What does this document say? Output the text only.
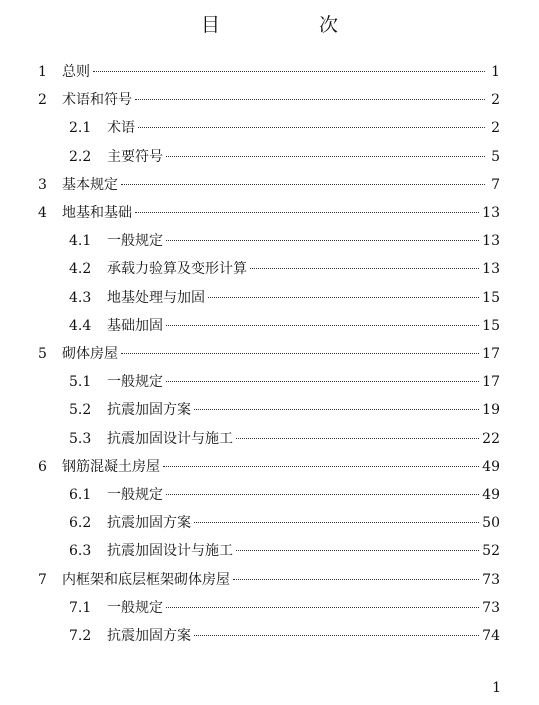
目　次
1	总则	1
2	术语和符号	2
2.1	术语	2
2.2	主要符号	5
3	基本规定	7
4	地基和基础	13
4.1	一般规定	13
4.2	承载力验算及变形计算	13
4.3	地基处理与加固	15
4.4	基础加固	15
5	砌体房屋	17
5.1	一般规定	17
5.2	抗震加固方案	19
5.3	抗震加固设计与施工	22
6	钢筋混凝土房屋	49
6.1	一般规定	49
6.2	抗震加固方案	50
6.3	抗震加固设计与施工	52
7	内框架和底层框架砌体房屋	73
7.1	一般规定	73
7.2	抗震加固方案	74
1
